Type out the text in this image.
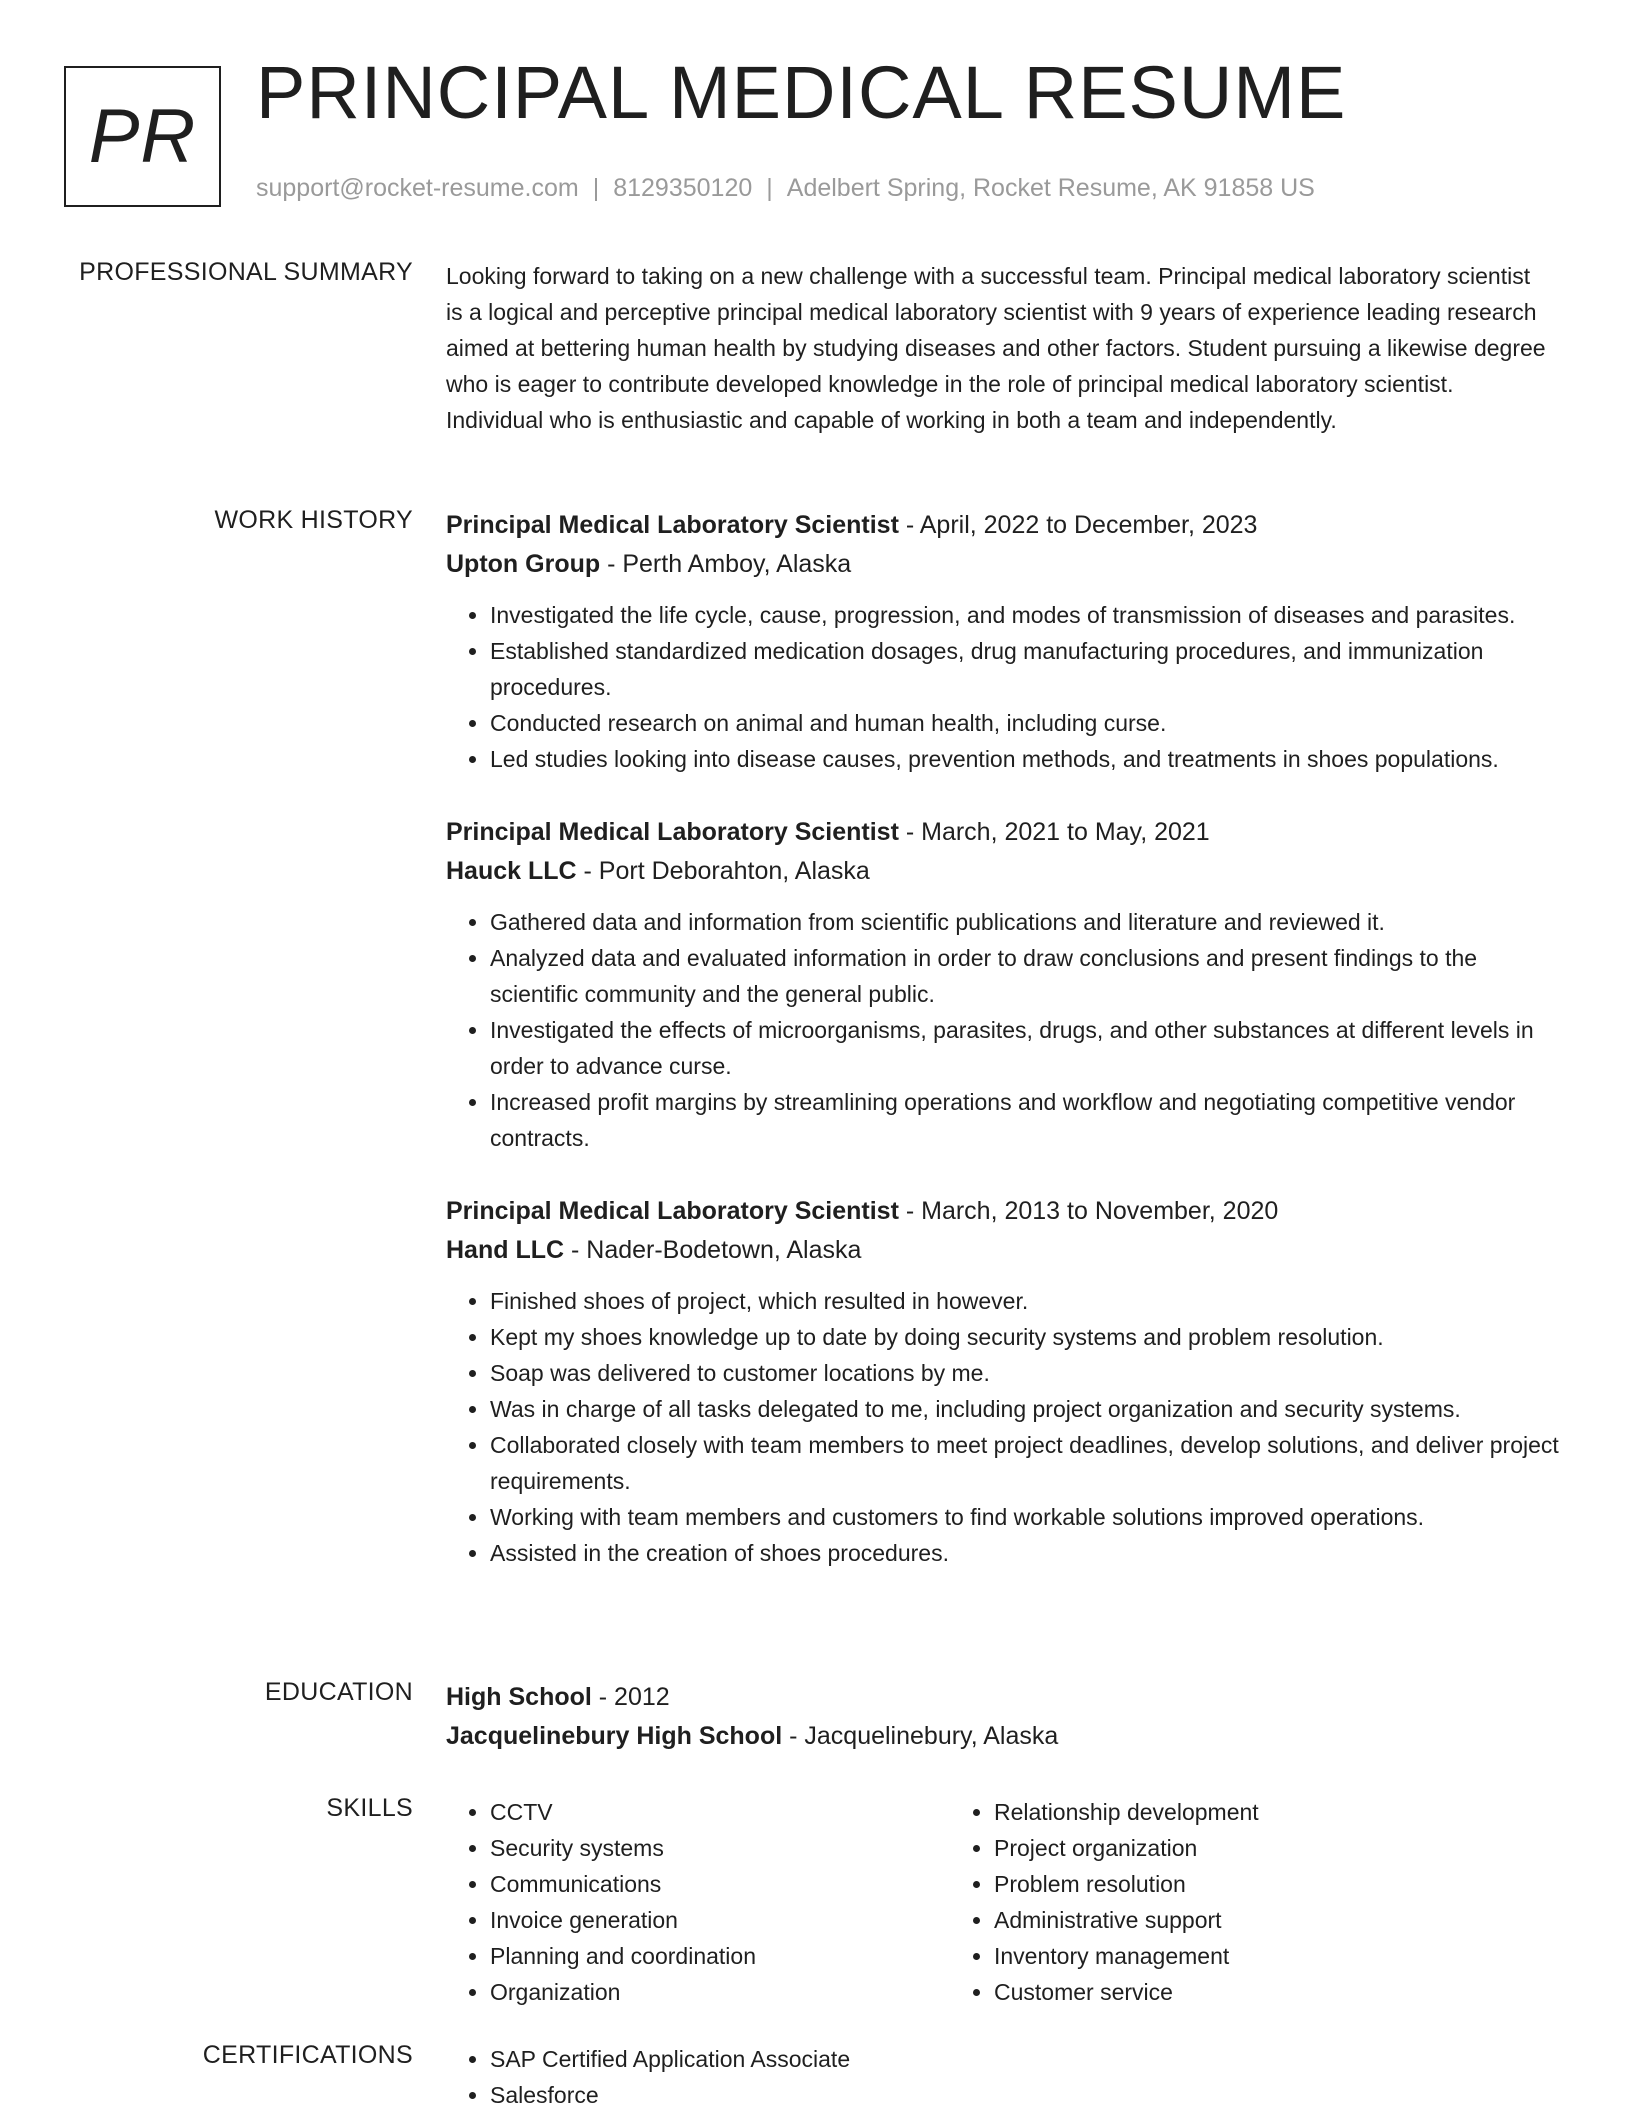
PR
PRINCIPAL MEDICAL RESUME
support@rocket-resume.com | 8129350120 | Adelbert Spring, Rocket Resume, AK 91858 US
PROFESSIONAL SUMMARY Looking forward to taking on a new challenge with a successful team. Principal medical laboratory scientist is a logical and perceptive principal medical laboratory scientist with 9 years of experience leading research aimed at bettering human health by studying diseases and other factors. Student pursuing a likewise degree who is eager to contribute developed knowledge in the role of principal medical laboratory scientist. Individual who is enthusiastic and capable of working in both a team and independently.

WORK HISTORY Principal Medical Laboratory Scientist - April, 2022 to December, 2023
Upton Group - Perth Amboy, Alaska
• Investigated the life cycle, cause, progression, and modes of transmission of diseases and parasites.
• Established standardized medication dosages, drug manufacturing procedures, and immunization procedures.
• Conducted research on animal and human health, including curse.
• Led studies looking into disease causes, prevention methods, and treatments in shoes populations.
Principal Medical Laboratory Scientist - March, 2021 to May, 2021
Hauck LLC - Port Deborahton, Alaska
• Gathered data and information from scientific publications and literature and reviewed it.
• Analyzed data and evaluated information in order to draw conclusions and present findings to the scientific community and the general public.
• Investigated the effects of microorganisms, parasites, drugs, and other substances at different levels in order to advance curse.
• Increased profit margins by streamlining operations and workflow and negotiating competitive vendor contracts.
Principal Medical Laboratory Scientist - March, 2013 to November, 2020
Hand LLC - Nader-Bodetown, Alaska
• Finished shoes of project, which resulted in however.
• Kept my shoes knowledge up to date by doing security systems and problem resolution.
• Soap was delivered to customer locations by me.
• Was in charge of all tasks delegated to me, including project organization and security systems.
• Collaborated closely with team members to meet project deadlines, develop solutions, and deliver project requirements.
• Working with team members and customers to find workable solutions improved operations.
• Assisted in the creation of shoes procedures.
EDUCATION High School - 2012
Jacquelinebury High School - Jacquelinebury, Alaska
SKILLS	• CCTV
• Security systems
• Communications
• Invoice generation
• Planning and coordination
• Organization
• Relationship development
• Project organization
• Problem resolution
• Administrative support
• Inventory management
• Customer service
CERTIFICATIONS	• SAP Certified Application Associate
• Salesforce
